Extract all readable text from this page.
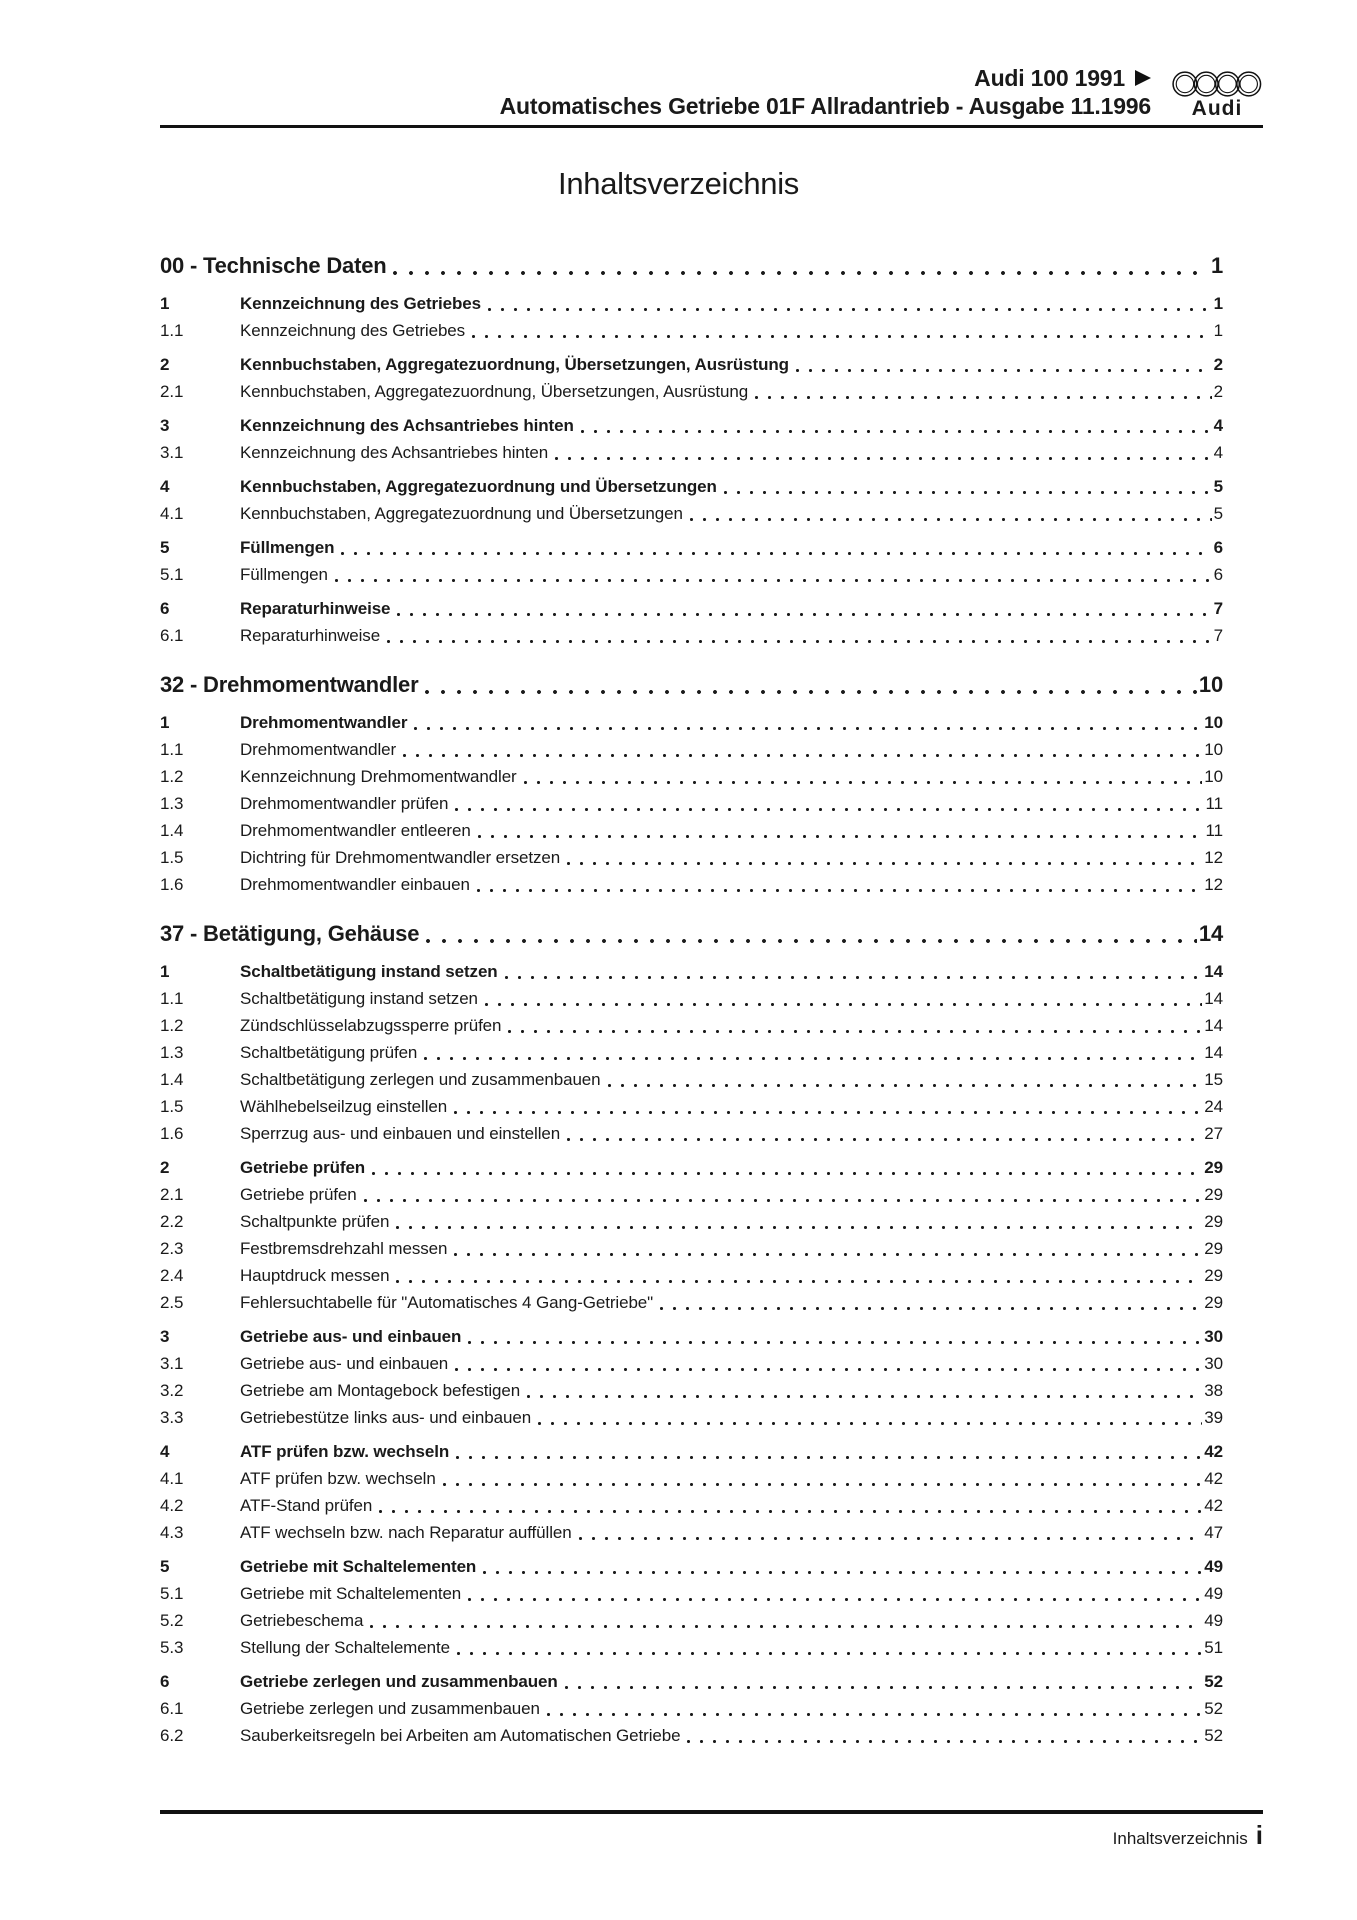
Audi 100 1991
Automatisches Getriebe 01F Allradantrieb - Ausgabe 11.1996 Audi
Inhaltsverzeichnis
00 - Technische Daten	1
1	Kennzeichnung des Getriebes	1
1.1	Kennzeichnung des Getriebes	1
2	Kennbuchstaben, Aggregatezuordnung, Übersetzungen, Ausrüstung	2
2.1	Kennbuchstaben, Aggregatezuordnung, Übersetzungen, Ausrüstung	2
3	Kennzeichnung des Achsantriebes hinten	4
3.1	Kennzeichnung des Achsantriebes hinten	4
4	Kennbuchstaben, Aggregatezuordnung und Übersetzungen	5
4.1	Kennbuchstaben, Aggregatezuordnung und Übersetzungen	5
5	Füllmengen	6
5.1	Füllmengen	6
6	Reparaturhinweise	7
6.1	Reparaturhinweise	7
32 - Drehmomentwandler	10
1	Drehmomentwandler	10
1.1	Drehmomentwandler	10
1.2	Kennzeichnung Drehmomentwandler	10
1.3	Drehmomentwandler prüfen	11
1.4	Drehmomentwandler entleeren	11
1.5	Dichtring für Drehmomentwandler ersetzen	12
1.6	Drehmomentwandler einbauen	12
37 - Betätigung, Gehäuse	14
1	Schaltbetätigung instand setzen	14
1.1	Schaltbetätigung instand setzen	14
1.2	Zündschlüsselabzugssperre prüfen	14
1.3	Schaltbetätigung prüfen	14
1.4	Schaltbetätigung zerlegen und zusammenbauen	15
1.5	Wählhebelseilzug einstellen	24
1.6	Sperrzug aus- und einbauen und einstellen	27
2	Getriebe prüfen	29
2.1	Getriebe prüfen	29
2.2	Schaltpunkte prüfen	29
2.3	Festbremsdrehzahl messen	29
2.4	Hauptdruck messen	29
2.5	Fehlersuchtabelle für "Automatisches 4 Gang-Getriebe"	29
3	Getriebe aus- und einbauen	30
3.1	Getriebe aus- und einbauen	30
3.2	Getriebe am Montagebock befestigen	38
3.3	Getriebestütze links aus- und einbauen	39
4	ATF prüfen bzw. wechseln	42
4.1	ATF prüfen bzw. wechseln	42
4.2	ATF-Stand prüfen	42
4.3	ATF wechseln bzw. nach Reparatur auffüllen	47
5	Getriebe mit Schaltelementen	49
5.1	Getriebe mit Schaltelementen	49
5.2	Getriebeschema	49
5.3	Stellung der Schaltelemente	51
6	Getriebe zerlegen und zusammenbauen	52
6.1	Getriebe zerlegen und zusammenbauen	52
6.2	Sauberkeitsregeln bei Arbeiten am Automatischen Getriebe	52
Inhaltsverzeichnis i
